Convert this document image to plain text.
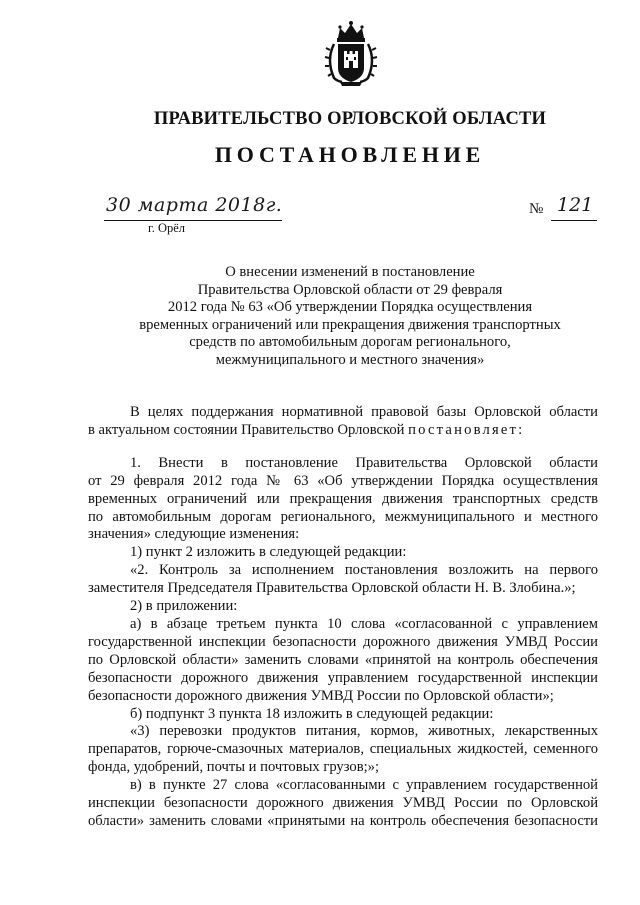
ПРАВИТЕЛЬСТВО ОРЛОВСКОЙ ОБЛАСТИ
ПОСТАНОВЛЕНИЕ
30 марта 2018г.
г. Орёл
№ 121
О внесении изменений в постановление
Правительства Орловской области от 29 февраля
2012 года № 63 «Об утверждении Порядка осуществления
временных ограничений или прекращения движения транспортных
средств по автомобильным дорогам регионального,
межмуниципального и местного значения»

В целях поддержания нормативной правовой базы Орловской области

в актуальном состоянии Правительство Орловской постановляет:

1. Внести в постановление Правительства Орловской области

от 29 февраля 2012 года № 63 «Об утверждении Порядка осуществления

временных ограничений или прекращения движения транспортных средств

по автомобильным дорогам регионального, межмуниципального и местного

значения» следующие изменения:

1) пункт 2 изложить в следующей редакции:

«2. Контроль за исполнением постановления возложить на первого

заместителя Председателя Правительства Орловской области Н. В. Злобина.»;

2) в приложении:

а) в абзаце третьем пункта 10 слова «согласованной с управлением

государственной инспекции безопасности дорожного движения УМВД России

по Орловской области» заменить словами «принятой на контроль обеспечения

безопасности дорожного движения управлением государственной инспекции

безопасности дорожного движения УМВД России по Орловской области»;

б) подпункт 3 пункта 18 изложить в следующей редакции:

«3) перевозки продуктов питания, кормов, животных, лекарственных

препаратов, горюче-смазочных материалов, специальных жидкостей, семенного

фонда, удобрений, почты и почтовых грузов;»;

в) в пункте 27 слова «согласованными с управлением государственной

инспекции безопасности дорожного движения УМВД России по Орловской

области» заменить словами «принятыми на контроль обеспечения безопасности
